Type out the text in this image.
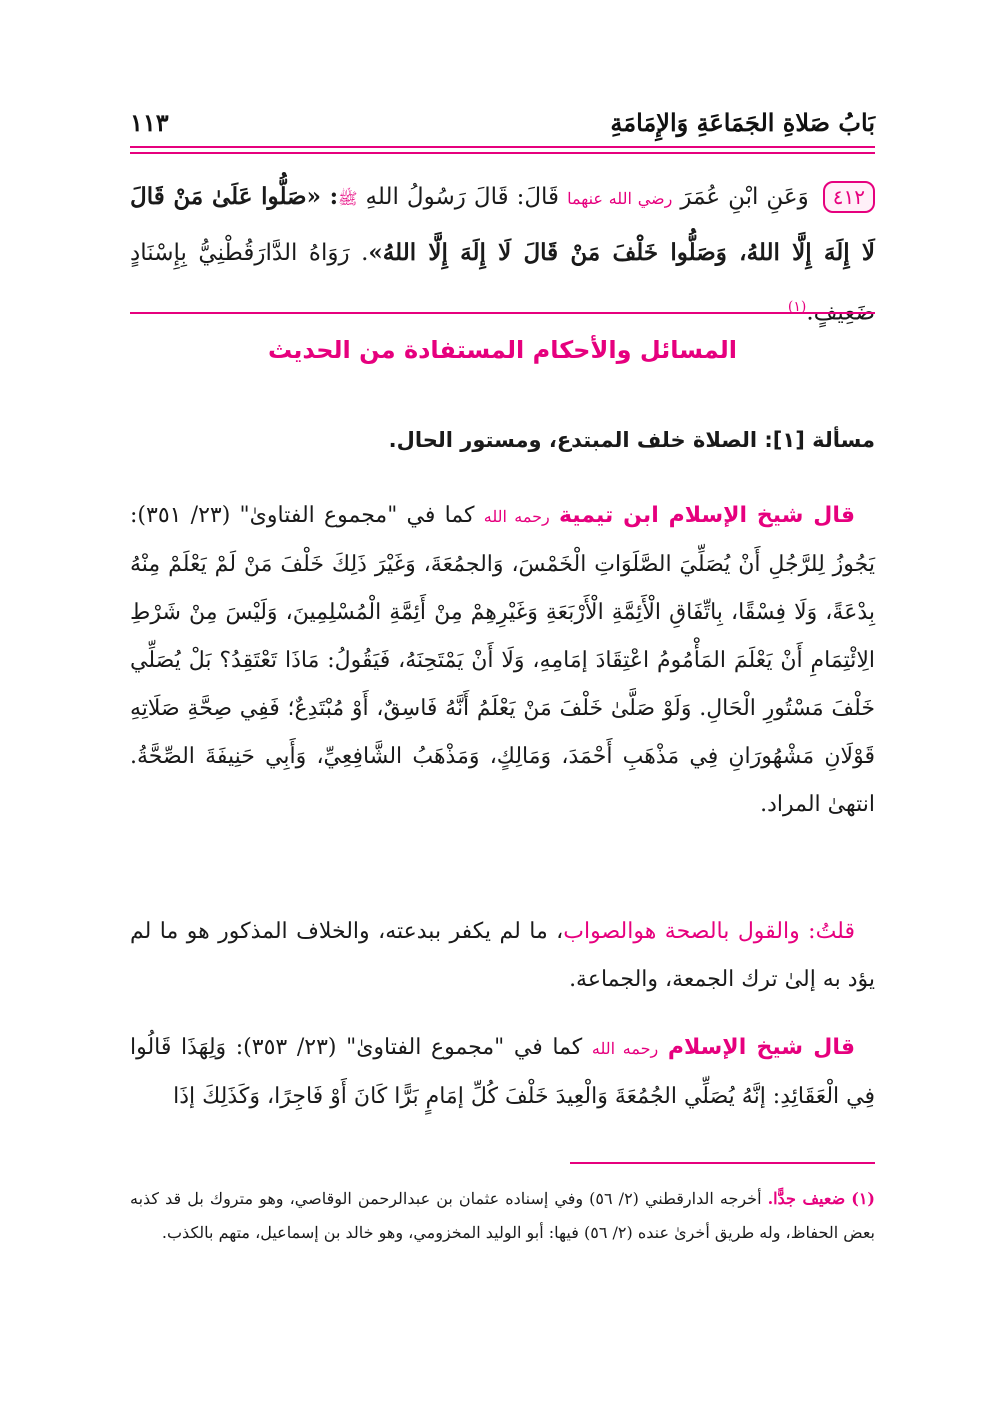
بَابُ صَلاةِ الجَمَاعَةِ وَالإِمَامَةِ
١١٣
٤١٢ وَعَنِ ابْنِ عُمَرَ رضي الله عنهما قَالَ: قَالَ رَسُولُ اللهِ ﷺ: «صَلُّوا عَلَىٰ مَنْ قَالَ لَا إِلَهَ إِلَّا اللهُ، وَصَلُّوا خَلْفَ مَنْ قَالَ لَا إِلَهَ إِلَّا اللهُ». رَوَاهُ الدَّارَقُطْنِيُّ بِإِسْنَادٍ ضَعِيفٍ.$^{(١)}$
المسائل والأحكام المستفادة من الحديث
مسألة [١]: الصلاة خلف المبتدع، ومستور الحال.
قال شيخ الإسلام ابن تيمية رحمه الله كما في "مجموع الفتاوىٰ" (٢٣/ ٣٥١): يَجُوزُ لِلرَّجُلِ أَنْ يُصَلِّيَ الصَّلَوَاتِ الْخَمْسَ، وَالجمُعَةَ، وَغَيْرَ ذَلِكَ خَلْفَ مَنْ لَمْ يَعْلَمْ مِنْهُ بِدْعَةً، وَلَا فِسْقًا، بِاتِّفَاقِ الْأَئِمَّةِ الْأَرْبَعَةِ وَغَيْرِهِمْ مِنْ أَئِمَّةِ الْمُسْلِمِينَ، وَلَيْسَ مِنْ شَرْطِ الِائْتِمَامِ أَنْ يَعْلَمَ المَأْمُومُ اعْتِقَادَ إمَامِهِ، وَلَا أَنْ يَمْتَحِنَهُ، فَيَقُولُ: مَاذَا تَعْتَقِدُ؟ بَلْ يُصَلِّي خَلْفَ مَسْتُورِ الْحَالِ. وَلَوْ صَلَّىٰ خَلْفَ مَنْ يَعْلَمُ أَنَّهُ فَاسِقٌ، أَوْ مُبْتَدِعٌ؛ فَفِي صِحَّةِ صَلَاتِهِ قَوْلَانِ مَشْهُورَانِ فِي مَذْهَبِ أَحْمَدَ، وَمَالِكٍ، وَمَذْهَبُ الشَّافِعِيِّ، وَأَبِي حَنِيفَةَ الصِّحَّةُ. انتهىٰ المراد.
قلتُ: والقول بالصحة هوالصواب، ما لم يكفر ببدعته، والخلاف المذكور هو ما لم يؤد به إلىٰ ترك الجمعة، والجماعة.
قال شيخ الإسلام رحمه الله كما في "مجموع الفتاوىٰ" (٢٣/ ٣٥٣): وَلِهَذَا قَالُوا فِي الْعَقَائِدِ: إنَّهُ يُصَلِّي الجُمُعَةَ وَالْعِيدَ خَلْفَ كُلِّ إمَامٍ بَرًّا كَانَ أَوْ فَاجِرًا، وَكَذَلِكَ إذَا
(١) ضعيف جدًّا. أخرجه الدارقطني (٢/ ٥٦) وفي إسناده عثمان بن عبدالرحمن الوقاصي، وهو متروك بل قد كذبه بعض الحفاظ، وله طريق أخرىٰ عنده (٢/ ٥٦) فيها: أبو الوليد المخزومي، وهو خالد بن إسماعيل، متهم بالكذب.
